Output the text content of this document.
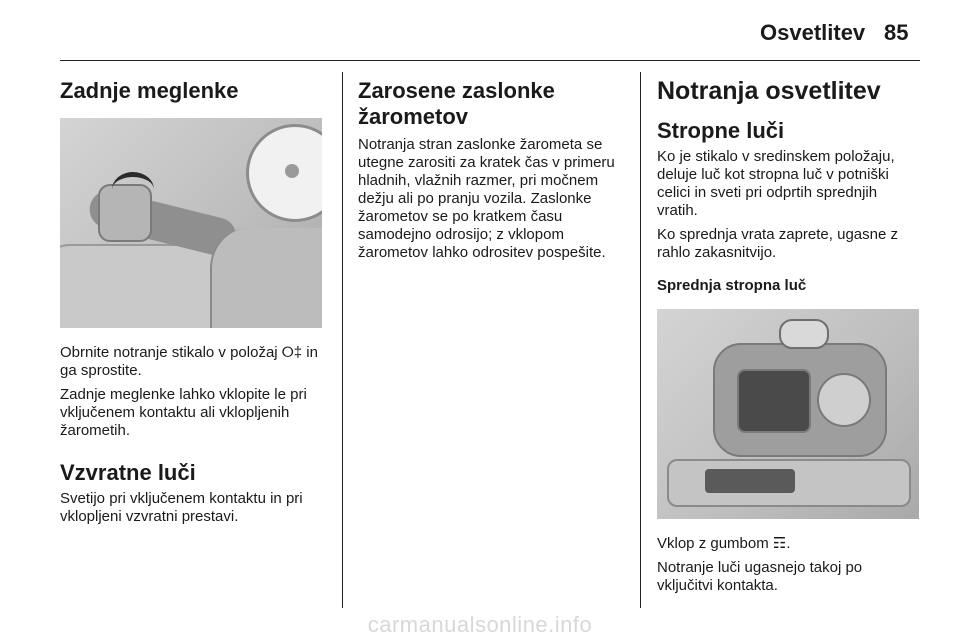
Osvetlitev 85
Zadnje meglenke

Obrnite notranje stikalo v položaj ⭘‡ in ga sprostite.

Zadnje meglenke lahko vklopite le pri vključenem kontaktu ali vklopljenih žarometih.

Vzvratne luči

Svetijo pri vključenem kontaktu in pri vklopljeni vzvratni prestavi.

Zarosene zaslonke žarometov

Notranja stran zaslonke žarometa se utegne zarositi za kratek čas v primeru hladnih, vlažnih razmer, pri močnem dežju ali po pranju vozila. Zaslonke žarometov se po kratkem času samodejno odrosijo; z vklopom žarometov lahko odrositev pospešite.

Notranja osvetlitev
Stropne luči

Ko je stikalo v sredinskem položaju, deluje luč kot stropna luč v potniški celici in sveti pri odprtih sprednjih vratih.

Ko sprednja vrata zaprete, ugasne z rahlo zakasnitvijo.

Sprednja stropna luč

Vklop z gumbom ☶.

Notranje luči ugasnejo takoj po vključitvi kontakta.

carmanualsonline.info
